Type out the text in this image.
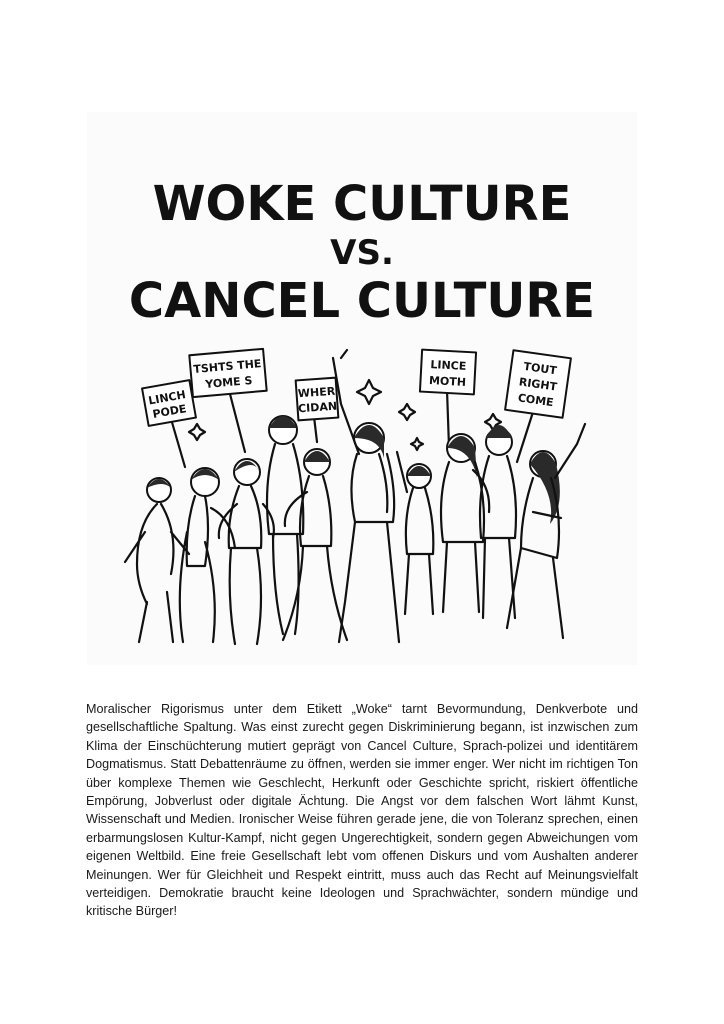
WOKE CULTURE
VS.
CANCEL CULTURE
LINCH
PODE
TSHTS THE
YOME S
WHER
CIDAN
LINCE
MOTH
TOUT
RIGHT
COME

Moralischer Rigorismus unter dem Etikett „Woke“ tarnt Bevormundung, Denkverbote und gesellschaftliche Spaltung. Was einst zurecht gegen Diskriminierung begann, ist inzwischen zum Klima der Einschüchterung mutiert geprägt von Cancel Culture, Sprach-polizei und identitärem Dogmatismus. Statt Debattenräume zu öffnen, werden sie immer enger. Wer nicht im richtigen Ton über komplexe Themen wie Geschlecht, Herkunft oder Geschichte spricht, riskiert öffentliche Empörung, Jobverlust oder digitale Ächtung. Die Angst vor dem falschen Wort lähmt Kunst, Wissenschaft und Medien. Ironischer Weise führen gerade jene, die von Toleranz sprechen, einen erbarmungslosen Kultur-Kampf, nicht gegen Ungerechtigkeit, sondern gegen Abweichungen vom eigenen Weltbild. Eine freie Gesellschaft lebt vom offenen Diskurs und vom Aushalten anderer Meinungen. Wer für Gleichheit und Respekt eintritt, muss auch das Recht auf Meinungsvielfalt verteidigen. Demokratie braucht keine Ideologen und Sprachwächter, sondern mündige und kritische Bürger!
